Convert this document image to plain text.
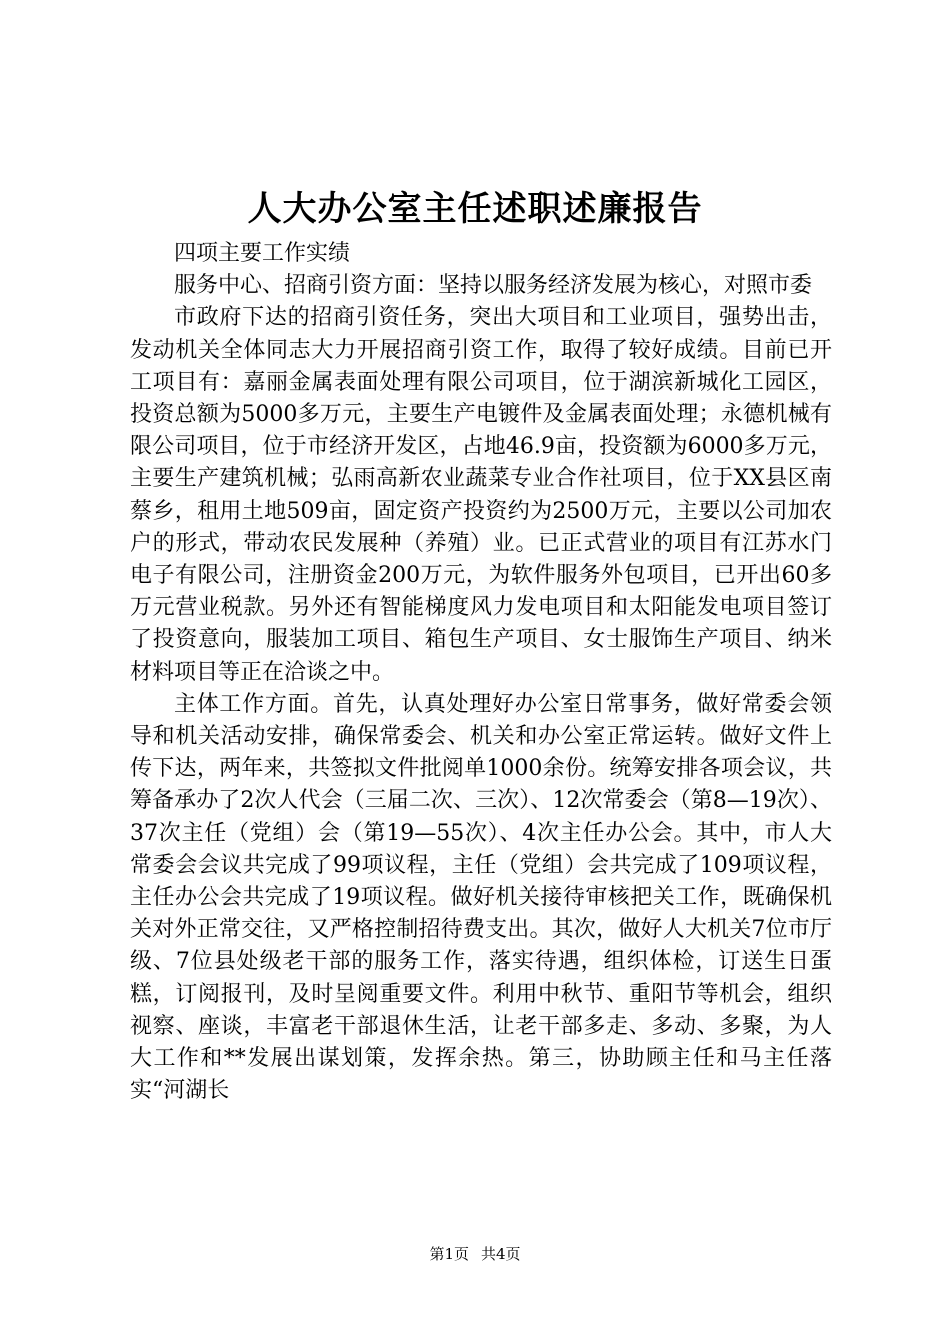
人大办公室主任述职述廉报告

四项主要工作实绩

服务中心、招商引资方面：坚持以服务经济发展为核心，对照市委

市政府下达的招商引资任务，突出大项目和工业项目，强势出击，发动机关全体同志大力开展招商引资工作，取得了较好成绩。目前已开工项目有：嘉丽金属表面处理有限公司项目，位于湖滨新城化工园区，投资总额为5000多万元，主要生产电镀件及金属表面处理；永德机械有限公司项目，位于市经济开发区，占地46.9亩，投资额为6000多万元，主要生产建筑机械；弘雨高新农业蔬菜专业合作社项目，位于XX县区南蔡乡，租用土地509亩，固定资产投资约为2500万元，主要以公司加农户的形式，带动农民发展种（养殖）业。已正式营业的项目有江苏水门电子有限公司，注册资金200万元，为软件服务外包项目，已开出60多万元营业税款。另外还有智能梯度风力发电项目和太阳能发电项目签订了投资意向，服装加工项目、箱包生产项目、女士服饰生产项目、纳米材料项目等正在洽谈之中。

主体工作方面。首先，认真处理好办公室日常事务，做好常委会领导和机关活动安排，确保常委会、机关和办公室正常运转。做好文件上传下达，两年来，共签拟文件批阅单1000余份。统筹安排各项会议，共筹备承办了2次人代会（三届二次、三次）、12次常委会（第8—19次）、37次主任（党组）会（第19—55次）、4次主任办公会。其中，市人大常委会会议共完成了99项议程，主任（党组）会共完成了109项议程，主任办公会共完成了19项议程。做好机关接待审核把关工作，既确保机关对外正常交往，又严格控制招待费支出。其次，做好人大机关7位市厅级、7位县处级老干部的服务工作，落实待遇，组织体检，订送生日蛋糕，订阅报刊，及时呈阅重要文件。利用中秋节、重阳节等机会，组织视察、座谈，丰富老干部退休生活，让老干部多走、多动、多聚，为人大工作和**发展出谋划策，发挥余热。第三，协助顾主任和马主任落实“河湖长

第1页 共4页
